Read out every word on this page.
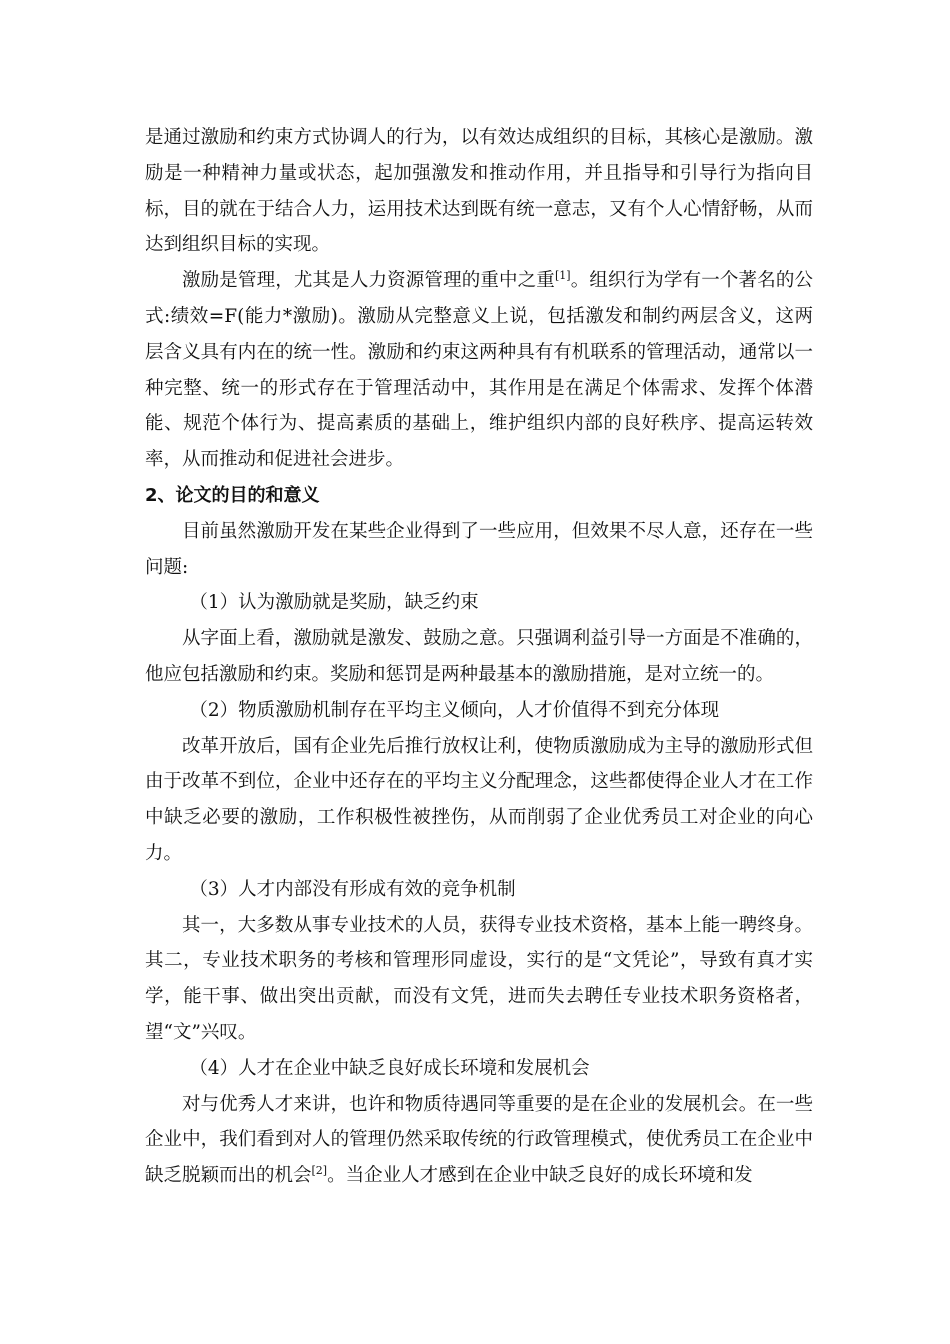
是通过激励和约束方式协调人的行为，以有效达成组织的目标，其核心是激励。激励是一种精神力量或状态，起加强激发和推动作用，并且指导和引导行为指向目标，目的就在于结合人力，运用技术达到既有统一意志，又有个人心情舒畅，从而达到组织目标的实现。

激励是管理，尤其是人力资源管理的重中之重[1]。组织行为学有一个著名的公式:绩效=F(能力*激励)。激励从完整意义上说，包括激发和制约两层含义，这两层含义具有内在的统一性。激励和约束这两种具有有机联系的管理活动，通常以一种完整、统一的形式存在于管理活动中，其作用是在满足个体需求、发挥个体潜能、规范个体行为、提高素质的基础上，维护组织内部的良好秩序、提高运转效率，从而推动和促进社会进步。

2、论文的目的和意义

目前虽然激励开发在某些企业得到了一些应用，但效果不尽人意，还存在一些问题:

（1）认为激励就是奖励，缺乏约束

从字面上看，激励就是激发、鼓励之意。只强调利益引导一方面是不准确的，他应包括激励和约束。奖励和惩罚是两种最基本的激励措施，是对立统一的。

（2）物质激励机制存在平均主义倾向，人才价值得不到充分体现

改革开放后，国有企业先后推行放权让利，使物质激励成为主导的激励形式但由于改革不到位，企业中还存在的平均主义分配理念，这些都使得企业人才在工作中缺乏必要的激励，工作积极性被挫伤，从而削弱了企业优秀员工对企业的向心力。

（3）人才内部没有形成有效的竞争机制

其一，大多数从事专业技术的人员，获得专业技术资格，基本上能一聘终身。其二，专业技术职务的考核和管理形同虚设，实行的是“文凭论”，导致有真才实学，能干事、做出突出贡献，而没有文凭，进而失去聘任专业技术职务资格者，望“文”兴叹。

（4）人才在企业中缺乏良好成长环境和发展机会

对与优秀人才来讲，也许和物质待遇同等重要的是在企业的发展机会。在一些企业中，我们看到对人的管理仍然采取传统的行政管理模式，使优秀员工在企业中缺乏脱颖而出的机会[2]。当企业人才感到在企业中缺乏良好的成长环境和发
